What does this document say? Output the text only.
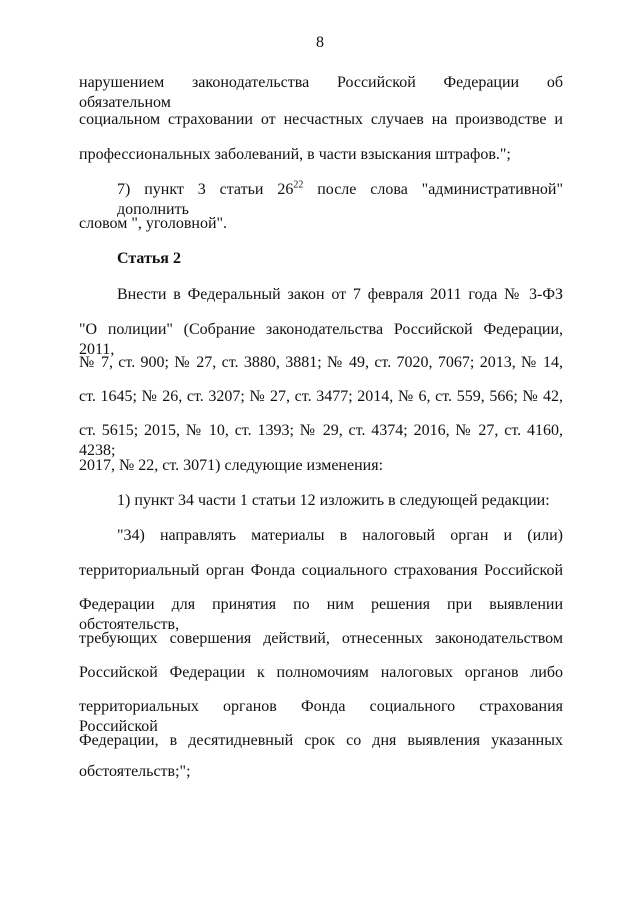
8
нарушением законодательства Российской Федерации об обязательном
социальном страховании от несчастных случаев на производстве и
профессиональных заболеваний, в части взыскания штрафов.";
7) пункт 3 статьи $26^{22}$ после слова "административной" дополнить
словом ", уголовной".
Статья 2
Внести в Федеральный закон от 7 февраля 2011 года № 3-ФЗ
"О полиции" (Собрание законодательства Российской Федерации, 2011,
№ 7, ст. 900; № 27, ст. 3880, 3881; № 49, ст. 7020, 7067; 2013, № 14,
ст. 1645; № 26, ст. 3207; № 27, ст. 3477; 2014, № 6, ст. 559, 566; № 42,
ст. 5615; 2015, № 10, ст. 1393; № 29, ст. 4374; 2016, № 27, ст. 4160, 4238;
2017, № 22, ст. 3071) следующие изменения:
1) пункт 34 части 1 статьи 12 изложить в следующей редакции:
"34) направлять материалы в налоговый орган и (или)
территориальный орган Фонда социального страхования Российской
Федерации для принятия по ним решения при выявлении обстоятельств,
требующих совершения действий, отнесенных законодательством
Российской Федерации к полномочиям налоговых органов либо
территориальных органов Фонда социального страхования Российской
Федерации, в десятидневный срок со дня выявления указанных
обстоятельств;";
